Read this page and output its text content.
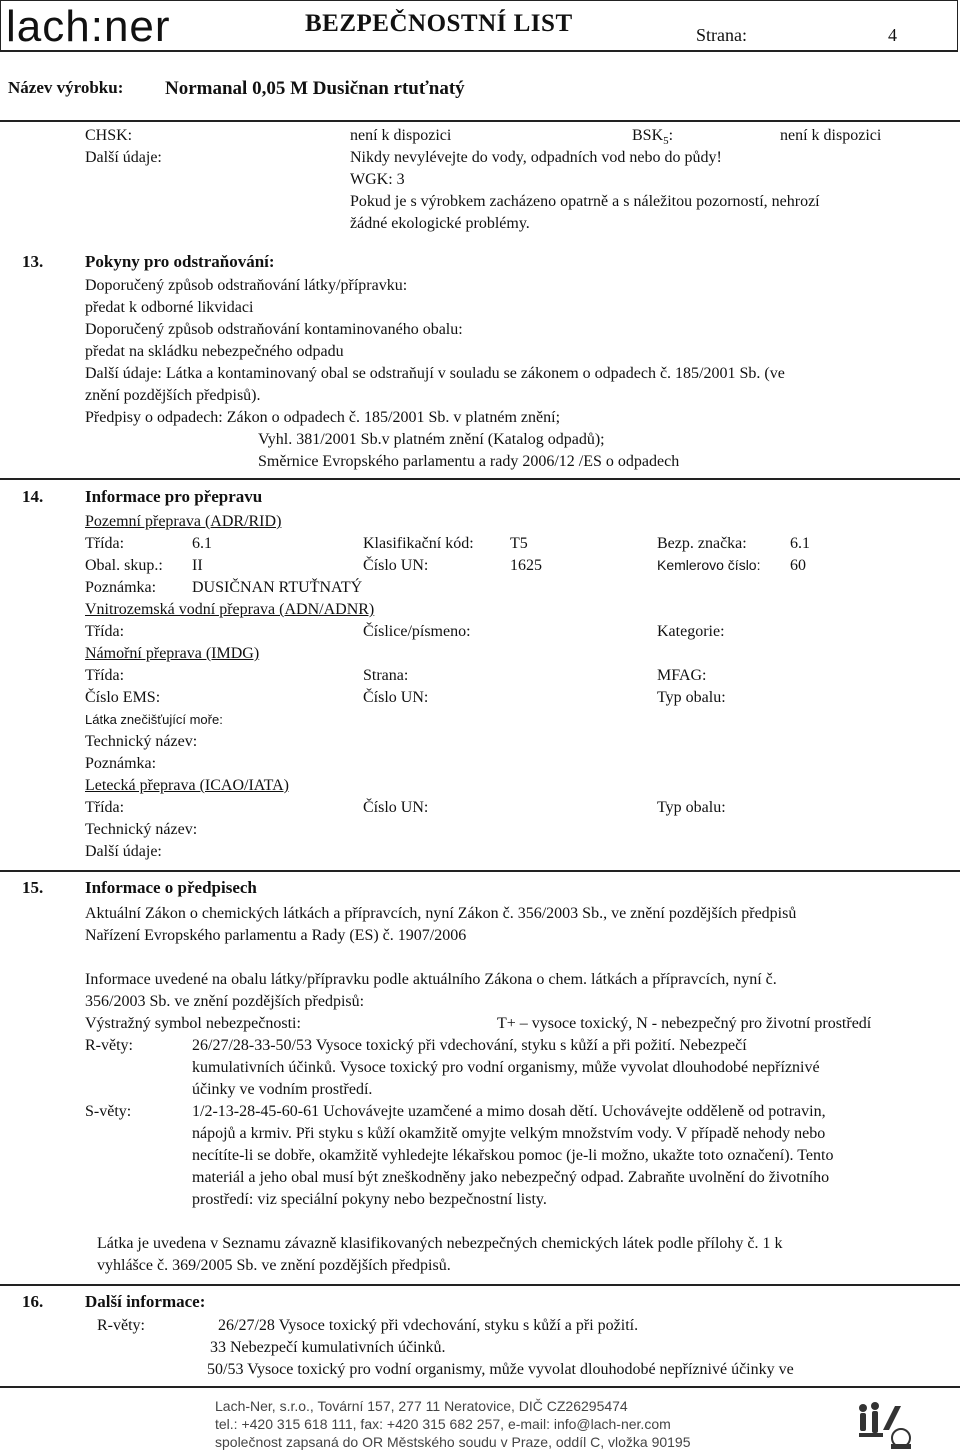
lach:ner	BEZPEČNOSTNÍ LIST	Strana:	4
Název výrobku: Normanal 0,05 M Dusičnan rtuťnatý
CHSK:	není k dispozici	$BSK_5$:	není k dispozici
Další údaje:	Nikdy nevylévejte do vody, odpadních vod nebo do půdy!
WGK: 3
Pokud je s výrobkem zacházeno opatrně a s náležitou pozorností, nehrozí
žádné ekologické problémy.
13. Pokyny pro odstraňování:
Doporučený způsob odstraňování látky/přípravku:
předat k odborné likvidaci
Doporučený způsob odstraňování kontaminovaného obalu:
předat na skládku nebezpečného odpadu
Další údaje: Látka a kontaminovaný obal se odstraňují v souladu se zákonem o odpadech č. 185/2001 Sb. (ve
znění pozdějších předpisů).
Předpisy o odpadech: Zákon o odpadech č. 185/2001 Sb. v platném znění;
Vyhl. 381/2001 Sb.v platném znění (Katalog odpadů);
Směrnice Evropského parlamentu a rady 2006/12 /ES o odpadech
14. Informace pro přepravu
Pozemní přeprava (ADR/RID)
Třída:	6.1	Klasifikační kód: T5	Bezp. značka:	6.1
Obal. skup.: II	Číslo UN:	1625	Kemlerovo číslo: 60
Poznámka: DUSIČNAN RTUŤNATÝ
Vnitrozemská vodní přeprava (ADN/ADNR)
Třída:	Číslice/písmeno:	Kategorie:
Námořní přeprava (IMDG)
Třída:	Strana:	MFAG:
Číslo EMS:	Číslo UN:	Typ obalu:
Látka znečišťující moře:
Technický název:
Poznámka:
Letecká přeprava (ICAO/IATA)
Třída:	Číslo UN:	Typ obalu:
Technický název:
Další údaje:
15. Informace o předpisech
Aktuální Zákon o chemických látkách a přípravcích, nyní Zákon č. 356/2003 Sb., ve znění pozdějších předpisů
Nařízení Evropského parlamentu a Rady (ES) č. 1907/2006
Informace uvedené na obalu látky/přípravku podle aktuálního Zákona o chem. látkách a přípravcích, nyní č.
356/2003 Sb. ve znění pozdějších předpisů:
Výstražný symbol nebezpečnosti:	T+ – vysoce toxický, N - nebezpečný pro životní prostředí
R-věty:	26/27/28-33-50/53 Vysoce toxický při vdechování, styku s kůží a při požití. Nebezpečí
kumulativních účinků. Vysoce toxický pro vodní organismy, může vyvolat dlouhodobé nepříznivé
účinky ve vodním prostředí.
S-věty:	1/2-13-28-45-60-61 Uchovávejte uzamčené a mimo dosah dětí. Uchovávejte odděleně od potravin,
nápojů a krmiv. Při styku s kůží okamžitě omyjte velkým množstvím vody. V případě nehody nebo
necítíte-li se dobře, okamžitě vyhledejte lékařskou pomoc (je-li možno, ukažte toto označení). Tento
materiál a jeho obal musí být zneškodněny jako nebezpečný odpad. Zabraňte uvolnění do životního
prostředí: viz speciální pokyny nebo bezpečnostní listy.
Látka je uvedena v Seznamu závazně klasifikovaných nebezpečných chemických látek podle přílohy č. 1 k
vyhlášce č. 369/2005 Sb. ve znění pozdějších předpisů.
16. Další informace:
R-věty:	26/27/28 Vysoce toxický při vdechování, styku s kůží a při požití.
33 Nebezpečí kumulativních účinků.
50/53 Vysoce toxický pro vodní organismy, může vyvolat dlouhodobé nepříznivé účinky ve
Lach-Ner, s.r.o., Tovární 157, 277 11 Neratovice, DIČ CZ26295474
tel.: +420 315 618 111, fax: +420 315 682 257, e-mail: info@lach-ner.com
společnost zapsaná do OR Městského soudu v Praze, oddíl C, vložka 90195
